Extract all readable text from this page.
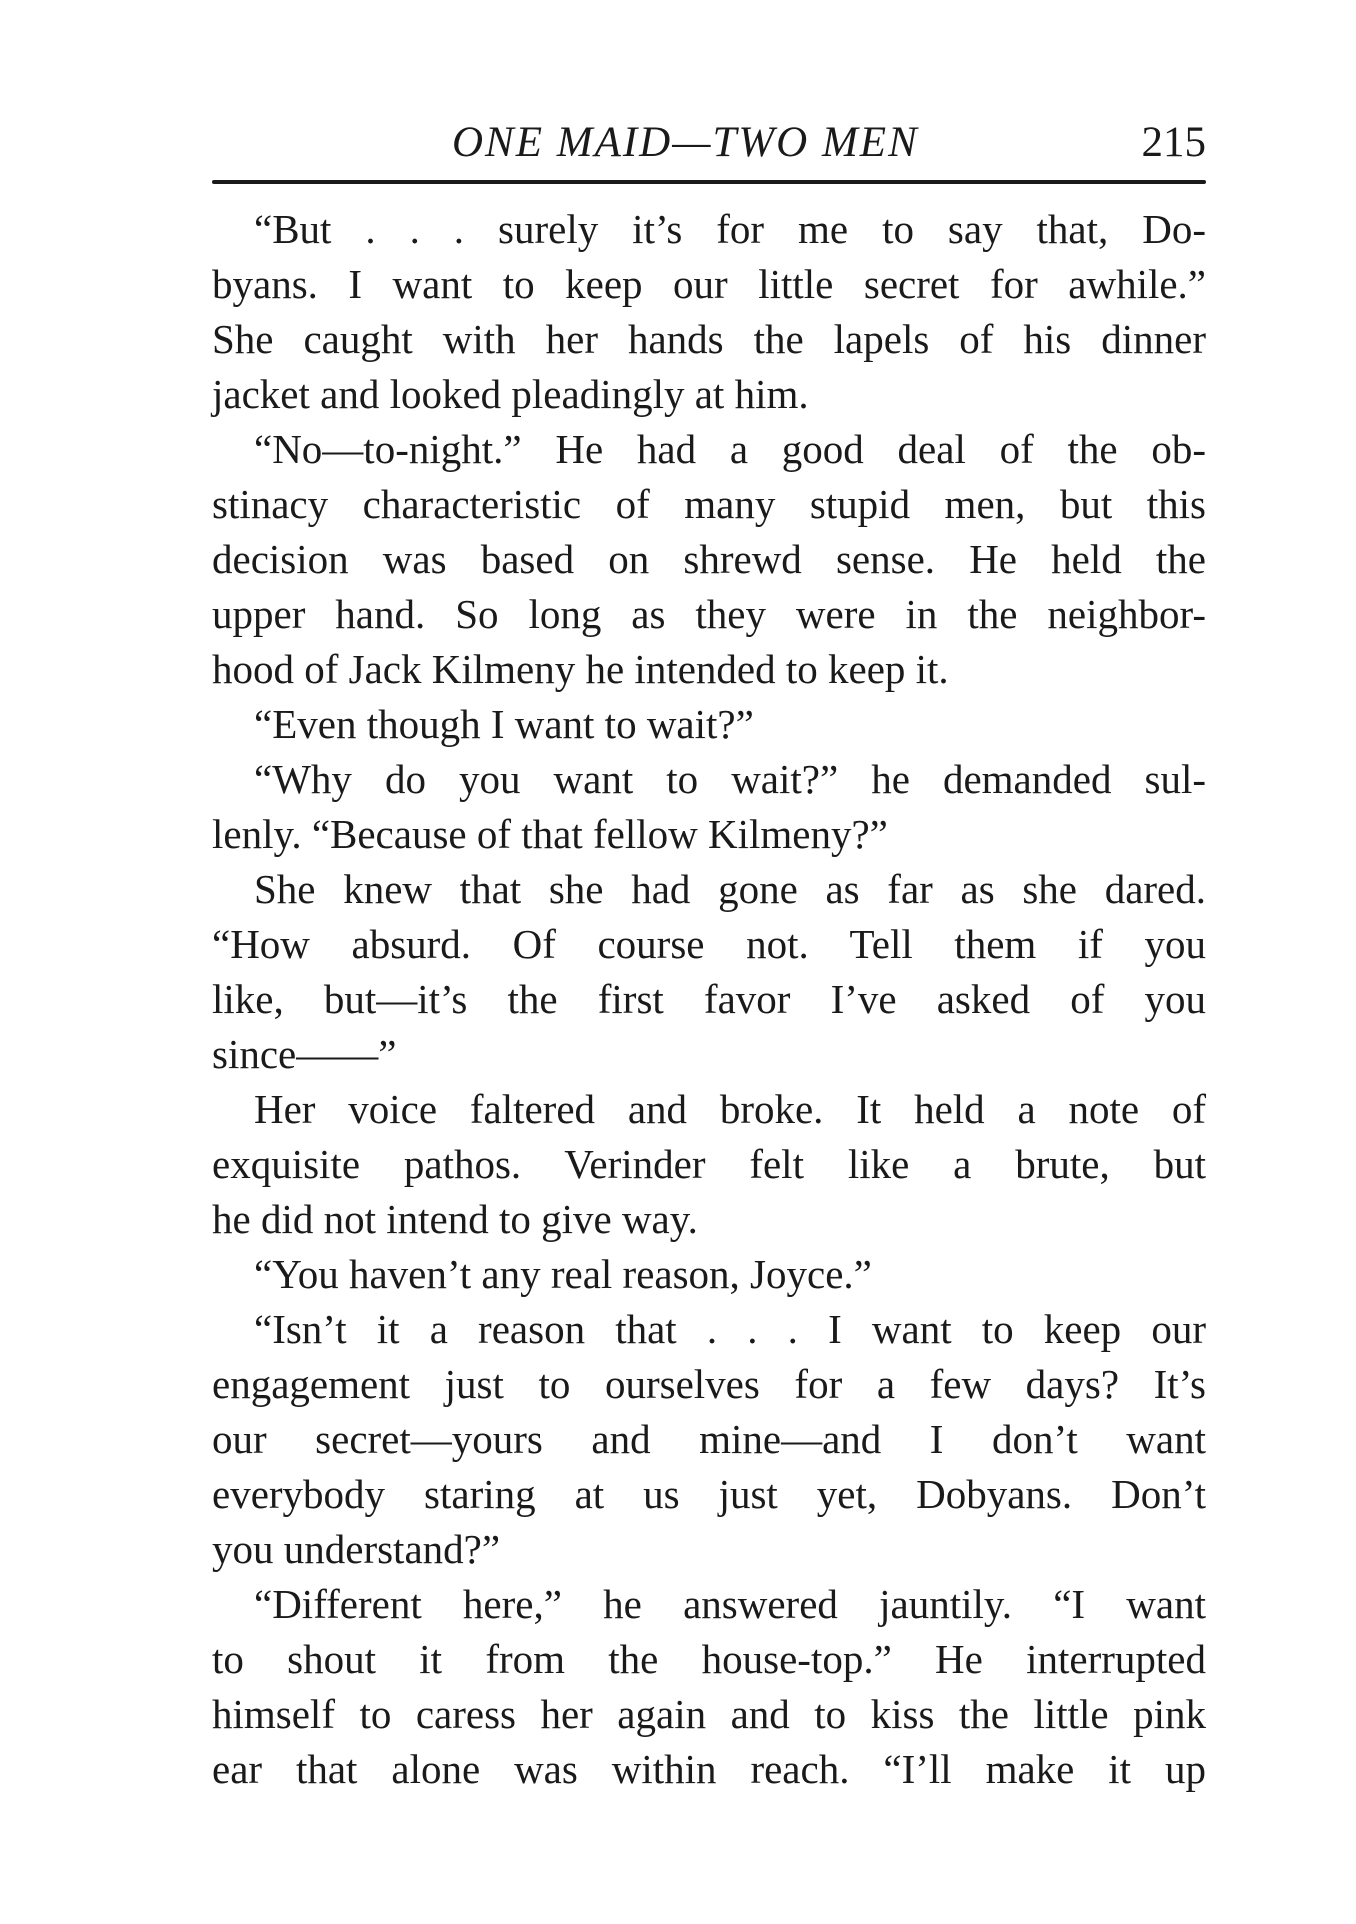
ONE MAID—TWO MEN	215
“But . . . surely it’s for me to say that, Do-
byans. I want to keep our little secret for awhile.”
She caught with her hands the lapels of his dinner
jacket and looked pleadingly at him.
“No—to-night.” He had a good deal of the ob-
stinacy characteristic of many stupid men, but this
decision was based on shrewd sense. He held the
upper hand. So long as they were in the neighbor-
hood of Jack Kilmeny he intended to keep it.
“Even though I want to wait?”
“Why do you want to wait?” he demanded sul-
lenly. “Because of that fellow Kilmeny?”
She knew that she had gone as far as she dared.
“How absurd. Of course not. Tell them if you
like, but—it’s the first favor I’ve asked of you
since——”
Her voice faltered and broke. It held a note of
exquisite pathos. Verinder felt like a brute, but
he did not intend to give way.
“You haven’t any real reason, Joyce.”
“Isn’t it a reason that . . . I want to keep our
engagement just to ourselves for a few days? It’s
our secret—yours and mine—and I don’t want
everybody staring at us just yet, Dobyans. Don’t
you understand?”
“Different here,” he answered jauntily. “I want
to shout it from the house-top.” He interrupted
himself to caress her again and to kiss the little pink
ear that alone was within reach. “I’ll make it up
